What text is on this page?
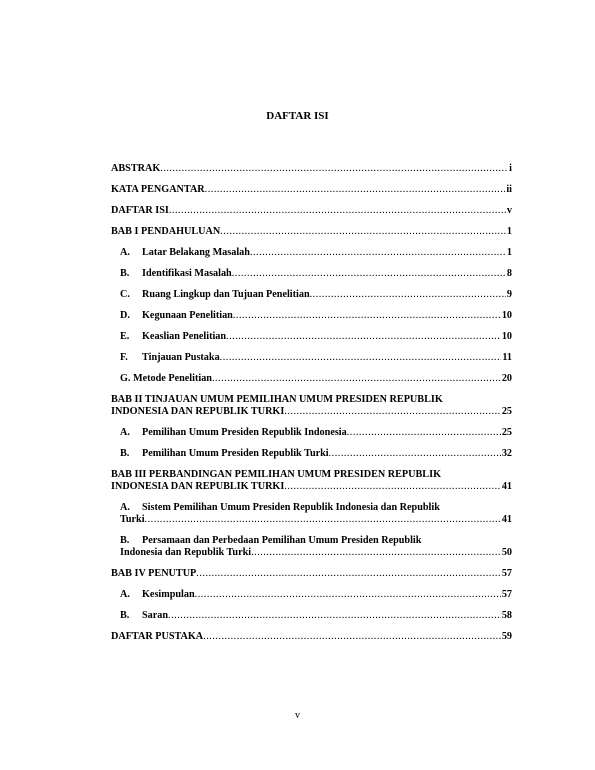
DAFTAR ISI
ABSTRAK .....	i
KATA PENGANTAR .....	ii
DAFTAR ISI .....	v
BAB I PENDAHULUAN .....	1
A. Latar Belakang Masalah .....	1
B. Identifikasi Masalah .....	8
C. Ruang Lingkup dan Tujuan Penelitian .....	9
D. Kegunaan Penelitian .....	10
E. Keaslian Penelitian .....	10
F. Tinjauan Pustaka .....	11
G. Metode Penelitian .....	20
BAB II TINJAUAN UMUM PEMILIHAN UMUM PRESIDEN REPUBLIK
INDONESIA DAN REPUBLIK TURKI .....	25
A. Pemilihan Umum Presiden Republik Indonesia .....	25
B. Pemilihan Umum Presiden Republik Turki .....	32
BAB III PERBANDINGAN PEMILIHAN UMUM PRESIDEN REPUBLIK
INDONESIA DAN REPUBLIK TURKI .....	41
A. Sistem Pemilihan Umum Presiden Republik Indonesia dan Republik
Turki .....	41
B. Persamaan dan Perbedaan Pemilihan Umum Presiden Republik
Indonesia dan Republik Turki .....	50
BAB IV PENUTUP .....	57
A. Kesimpulan .....	57
B. Saran .....	58
DAFTAR PUSTAKA .....	59
v
